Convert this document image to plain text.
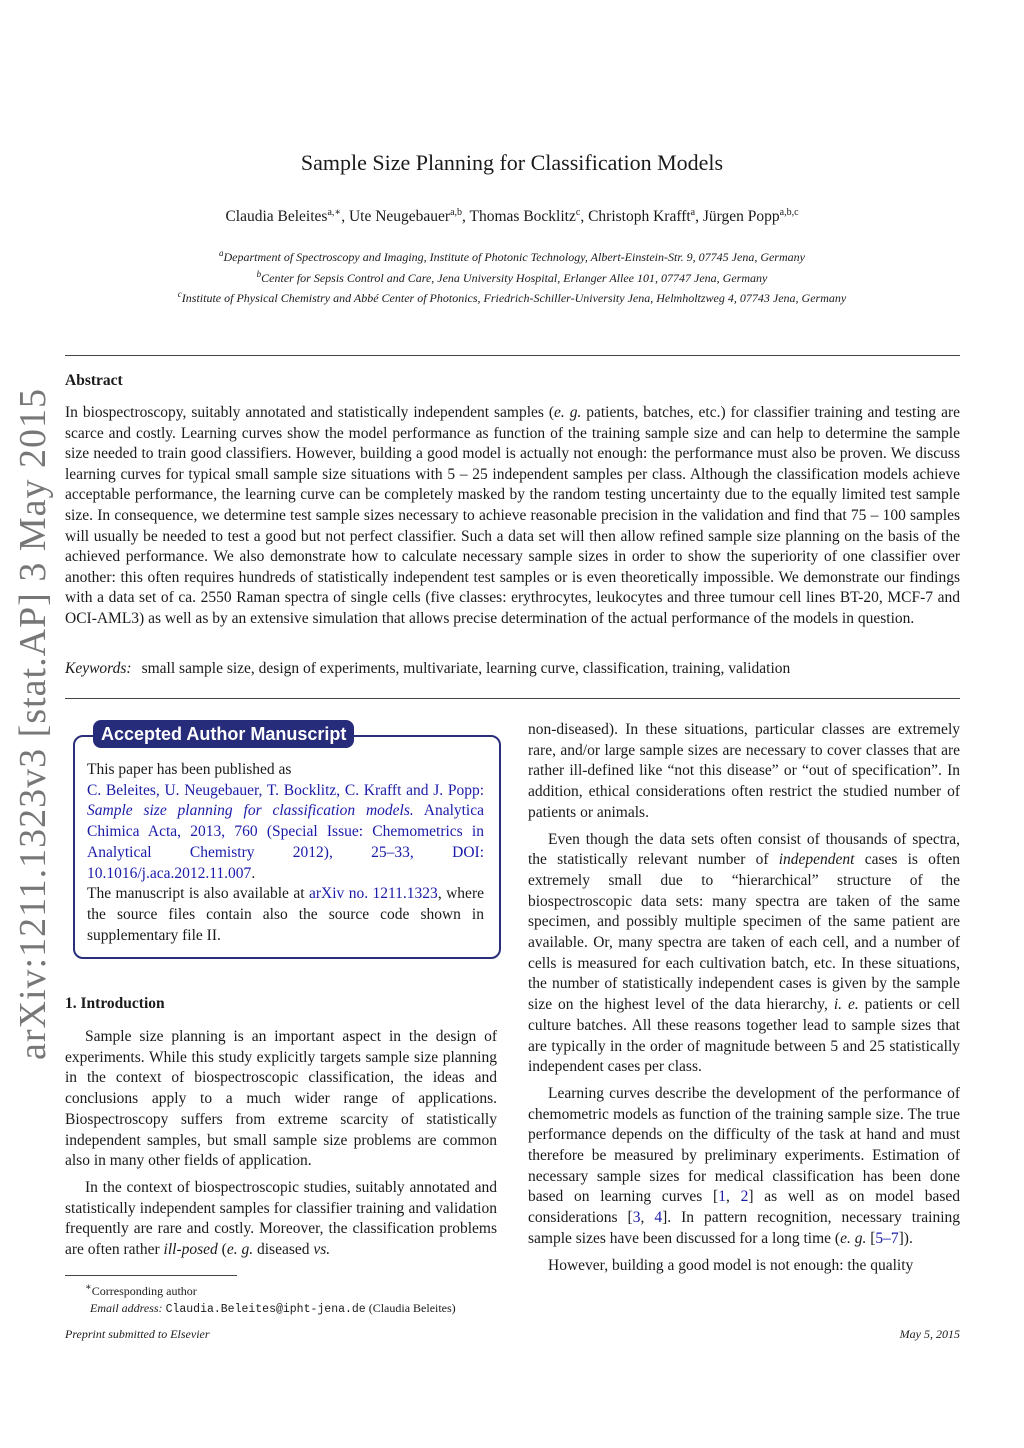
arXiv:1211.1323v3 [stat.AP] 3 May 2015
Sample Size Planning for Classification Models
Claudia Beleites$^{a,∗}$, Ute Neugebauer$^{a,b}$, Thomas Bocklitz$^c$, Christoph Krafft$^a$, Jürgen Popp$^{a,b,c}$
$^a$Department of Spectroscopy and Imaging, Institute of Photonic Technology, Albert-Einstein-Str. 9, 07745 Jena, Germany
$^b$Center for Sepsis Control and Care, Jena University Hospital, Erlanger Allee 101, 07747 Jena, Germany
$^c$Institute of Physical Chemistry and Abbé Center of Photonics, Friedrich-Schiller-University Jena, Helmholtzweg 4, 07743 Jena, Germany
Abstract
In biospectroscopy, suitably annotated and statistically independent samples (e. g. patients, batches, etc.) for classifier training and testing are scarce and costly. Learning curves show the model performance as function of the training sample size and can help to determine the sample size needed to train good classifiers. However, building a good model is actually not enough: the performance must also be proven. We discuss learning curves for typical small sample size situations with 5 – 25 independent samples per class. Although the classification models achieve acceptable performance, the learning curve can be completely masked by the random testing uncertainty due to the equally limited test sample size. In consequence, we determine test sample sizes necessary to achieve reasonable precision in the validation and find that 75 – 100 samples will usually be needed to test a good but not perfect classifier. Such a data set will then allow refined sample size planning on the basis of the achieved performance. We also demonstrate how to calculate necessary sample sizes in order to show the superiority of one classifier over another: this often requires hundreds of statistically independent test samples or is even theoretically impossible. We demonstrate our findings with a data set of ca. 2550 Raman spectra of single cells (five classes: erythrocytes, leukocytes and three tumour cell lines BT-20, MCF-7 and OCI-AML3) as well as by an extensive simulation that allows precise determination of the actual performance of the models in question.
Keywords: small sample size, design of experiments, multivariate, learning curve, classification, training, validation
Accepted Author Manuscript

This paper has been published as

C. Beleites, U. Neugebauer, T. Bocklitz, C. Krafft and J. Popp: Sample size planning for classification models. Analytica Chimica Acta, 2013, 760 (Special Issue: Chemometrics in Analytical Chemistry 2012), 25–33, DOI: 10.1016/j.aca.2012.11.007.

The manuscript is also available at arXiv no. 1211.1323, where the source files contain also the source code shown in supplementary file II.

1. Introduction

Sample size planning is an important aspect in the design of experiments. While this study explicitly targets sample size planning in the context of biospectroscopic classification, the ideas and conclusions apply to a much wider range of applications. Biospectroscopy suffers from extreme scarcity of statistically independent samples, but small sample size problems are common also in many other fields of application.

In the context of biospectroscopic studies, suitably annotated and statistically independent samples for classifier training and validation frequently are rare and costly. Moreover, the classification problems are often rather ill-posed (e. g. diseased vs.

non-diseased). In these situations, particular classes are extremely rare, and/or large sample sizes are necessary to cover classes that are rather ill-defined like “not this disease” or “out of specification”. In addition, ethical considerations often restrict the studied number of patients or animals.

Even though the data sets often consist of thousands of spectra, the statistically relevant number of independent cases is often extremely small due to “hierarchical” structure of the biospectroscopic data sets: many spectra are taken of the same specimen, and possibly multiple specimen of the same patient are available. Or, many spectra are taken of each cell, and a number of cells is measured for each cultivation batch, etc. In these situations, the number of statistically independent cases is given by the sample size on the highest level of the data hierarchy, i. e. patients or cell culture batches. All these reasons together lead to sample sizes that are typically in the order of magnitude between 5 and 25 statistically independent cases per class.

Learning curves describe the development of the performance of chemometric models as function of the training sample size. The true performance depends on the difficulty of the task at hand and must therefore be measured by preliminary experiments. Estimation of necessary sample sizes for medical classification has been done based on learning curves [1, 2] as well as on model based considerations [3, 4]. In pattern recognition, necessary training sample sizes have been discussed for a long time (e. g. [5–7]).

However, building a good model is not enough: the quality

∗Corresponding author
Email address: Claudia.Beleites@ipht-jena.de (Claudia Beleites)
Preprint submitted to Elsevier	May 5, 2015
